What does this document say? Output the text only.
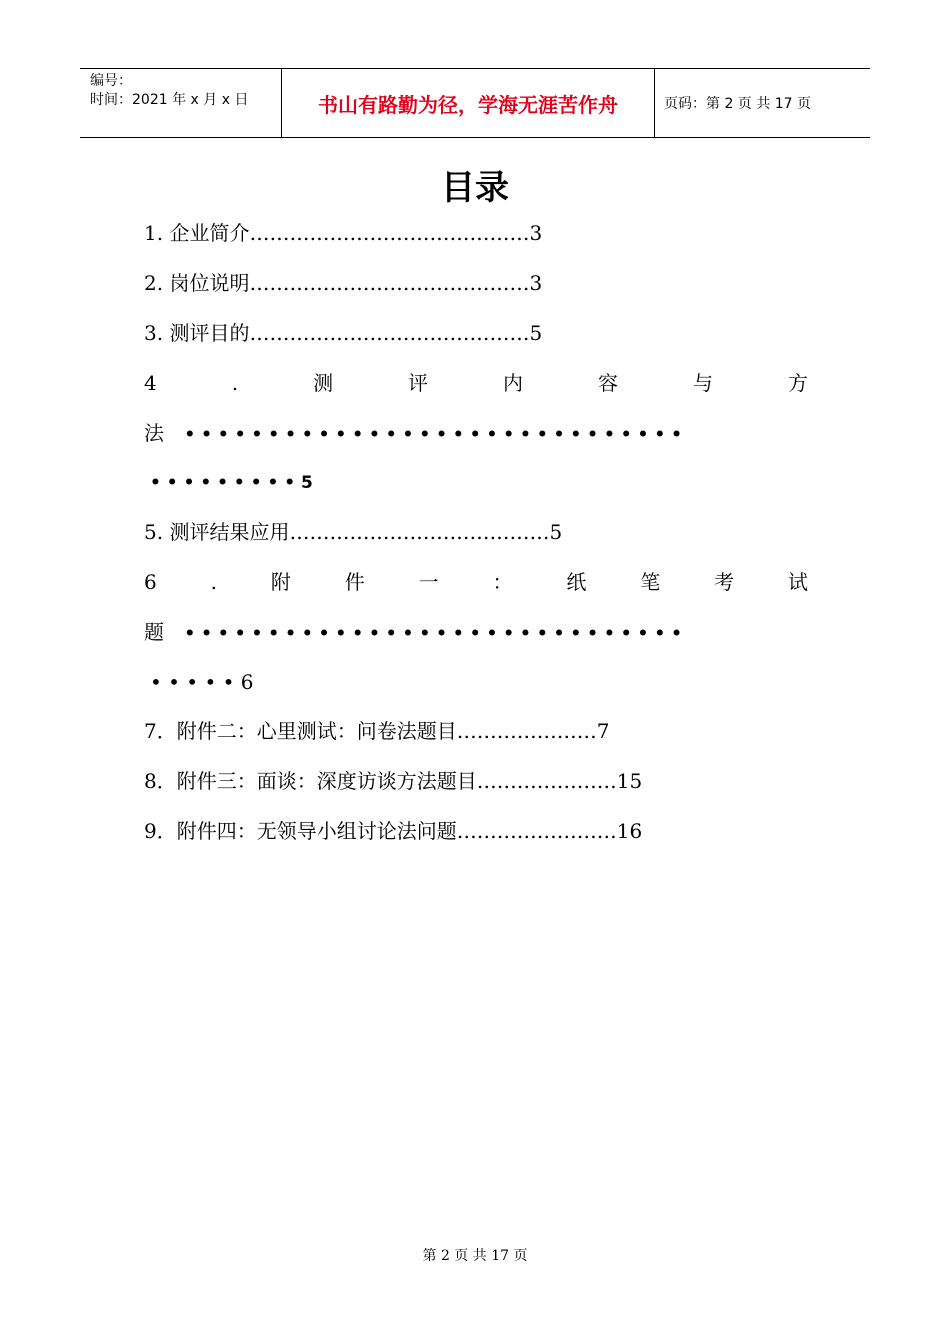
编号：
时间：2021 年 x 月 x 日	书山有路勤为径，学海无涯苦作舟	页码：第 2 页 共 17 页
目录
1. 企业简介……………………………………3
2. 岗位说明……………………………………3
3. 测评目的……………………………………5
4	.	测	评	内	容	与	方
法 • • • • • • • • • • • • • • • • • • • • • • • • • • • • • •
• • • • • • • • • 5
5. 测评结果应用…………………………………5
6	.	附	件	一	：	纸	笔	考	试
题 • • • • • • • • • • • • • • • • • • • • • • • • • • • • • •
• • • • • 6
7．附件二：心里测试：问卷法题目…………………7
8．附件三：面谈：深度访谈方法题目…………………15
9．附件四：无领导小组讨论法问题……………………16
第 2 页 共 17 页
